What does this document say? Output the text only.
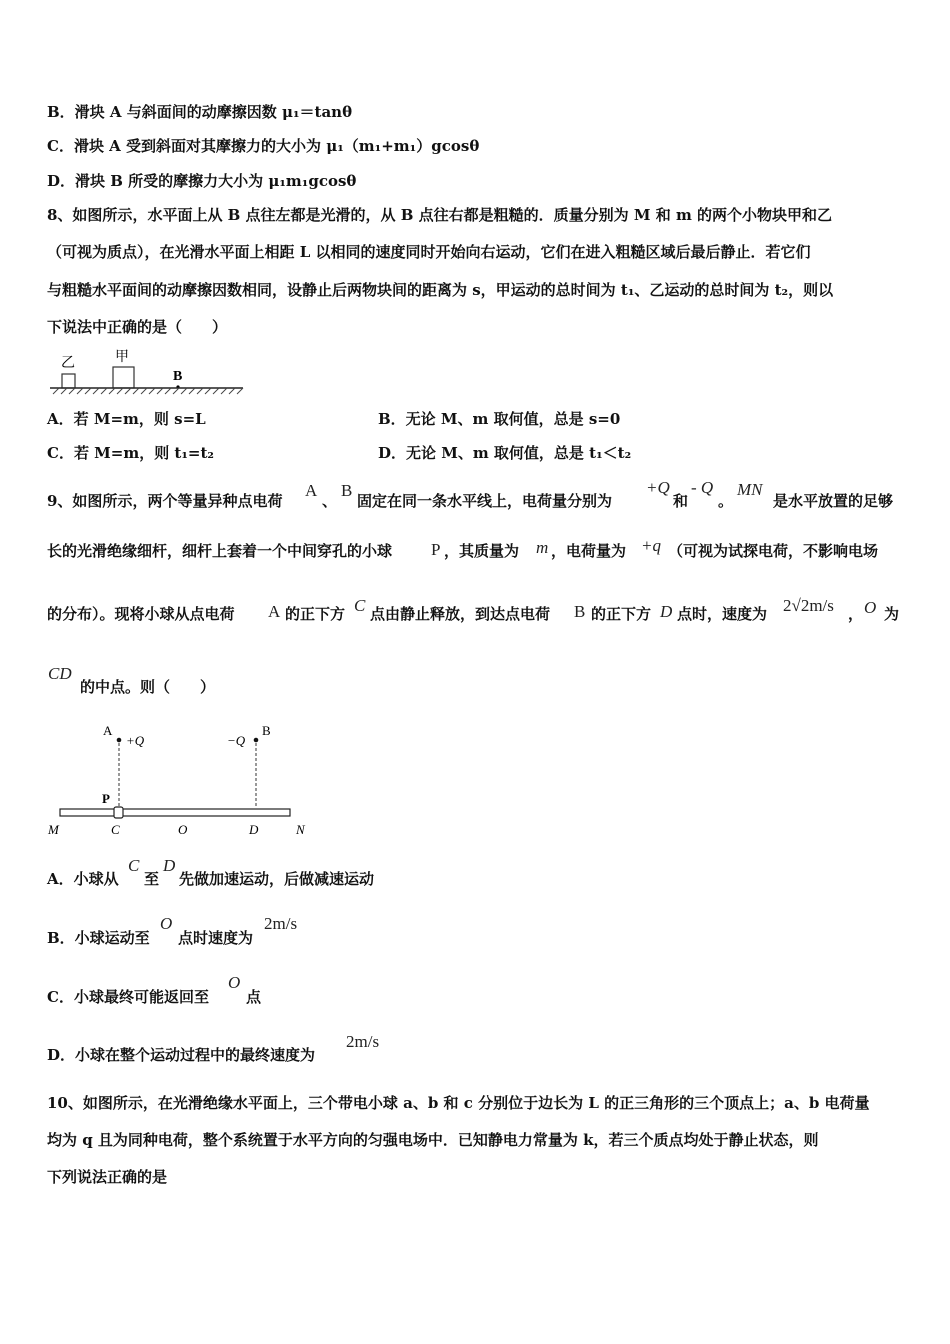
B．滑块 A 与斜面间的动摩擦因数 μ₁＝tanθ
C．滑块 A 受到斜面对其摩擦力的大小为 μ₁（m₁+m₁）gcosθ
D．滑块 B 所受的摩擦力大小为 μ₁m₁gcosθ
8、如图所示，水平面上从 B 点往左都是光滑的，从 B 点往右都是粗糙的．质量分别为 M 和 m 的两个小物块甲和乙
（可视为质点），在光滑水平面上相距 L 以相同的速度同时开始向右运动，它们在进入粗糙区域后最后静止．若它们
与粗糙水平面间的动摩擦因数相同，设静止后两物块间的距离为 s，甲运动的总时间为 t₁、乙运动的总时间为 t₂，则以
下说法中正确的是（　　）
乙	甲
B
A．若 M=m，则 s=L	B．无论 M、m 取何值，总是 s=0
C．若 M=m，则 t₁=t₂	D．无论 M、m 取何值，总是 t₁＜t₂
9、如图所示，两个等量异种点电荷
A
、
B
固定在同一条水平线上，电荷量分别为
+Q
和
- Q
。
MN
是水平放置的足够
长的光滑绝缘细杆，细杆上套着一个中间穿孔的小球 P ，其质量为 m ，电荷量为 +q （可视为试探电荷，不影响电场
的分布）。现将小球从点电荷 A 的正下方 C 点由静止释放，到达点电荷 B 的正下方 D 点时，速度为 2√2m/s ， O 为
CD
的中点。则（　　）
A
+Q	−Q
B
P
M	C	O	D	N
A．小球从
C
至
D
先做加速运动，后做减速运动
B．小球运动至
O
点时速度为
2m/s
C．小球最终可能返回至
O
点
D．小球在整个运动过程中的最终速度为
2m/s
10、如图所示，在光滑绝缘水平面上，三个带电小球 a、b 和 c 分别位于边长为 L 的正三角形的三个顶点上；a、b 电荷量
均为 q 且为同种电荷，整个系统置于水平方向的匀强电场中．已知静电力常量为 k，若三个质点均处于静止状态，则
下列说法正确的是
